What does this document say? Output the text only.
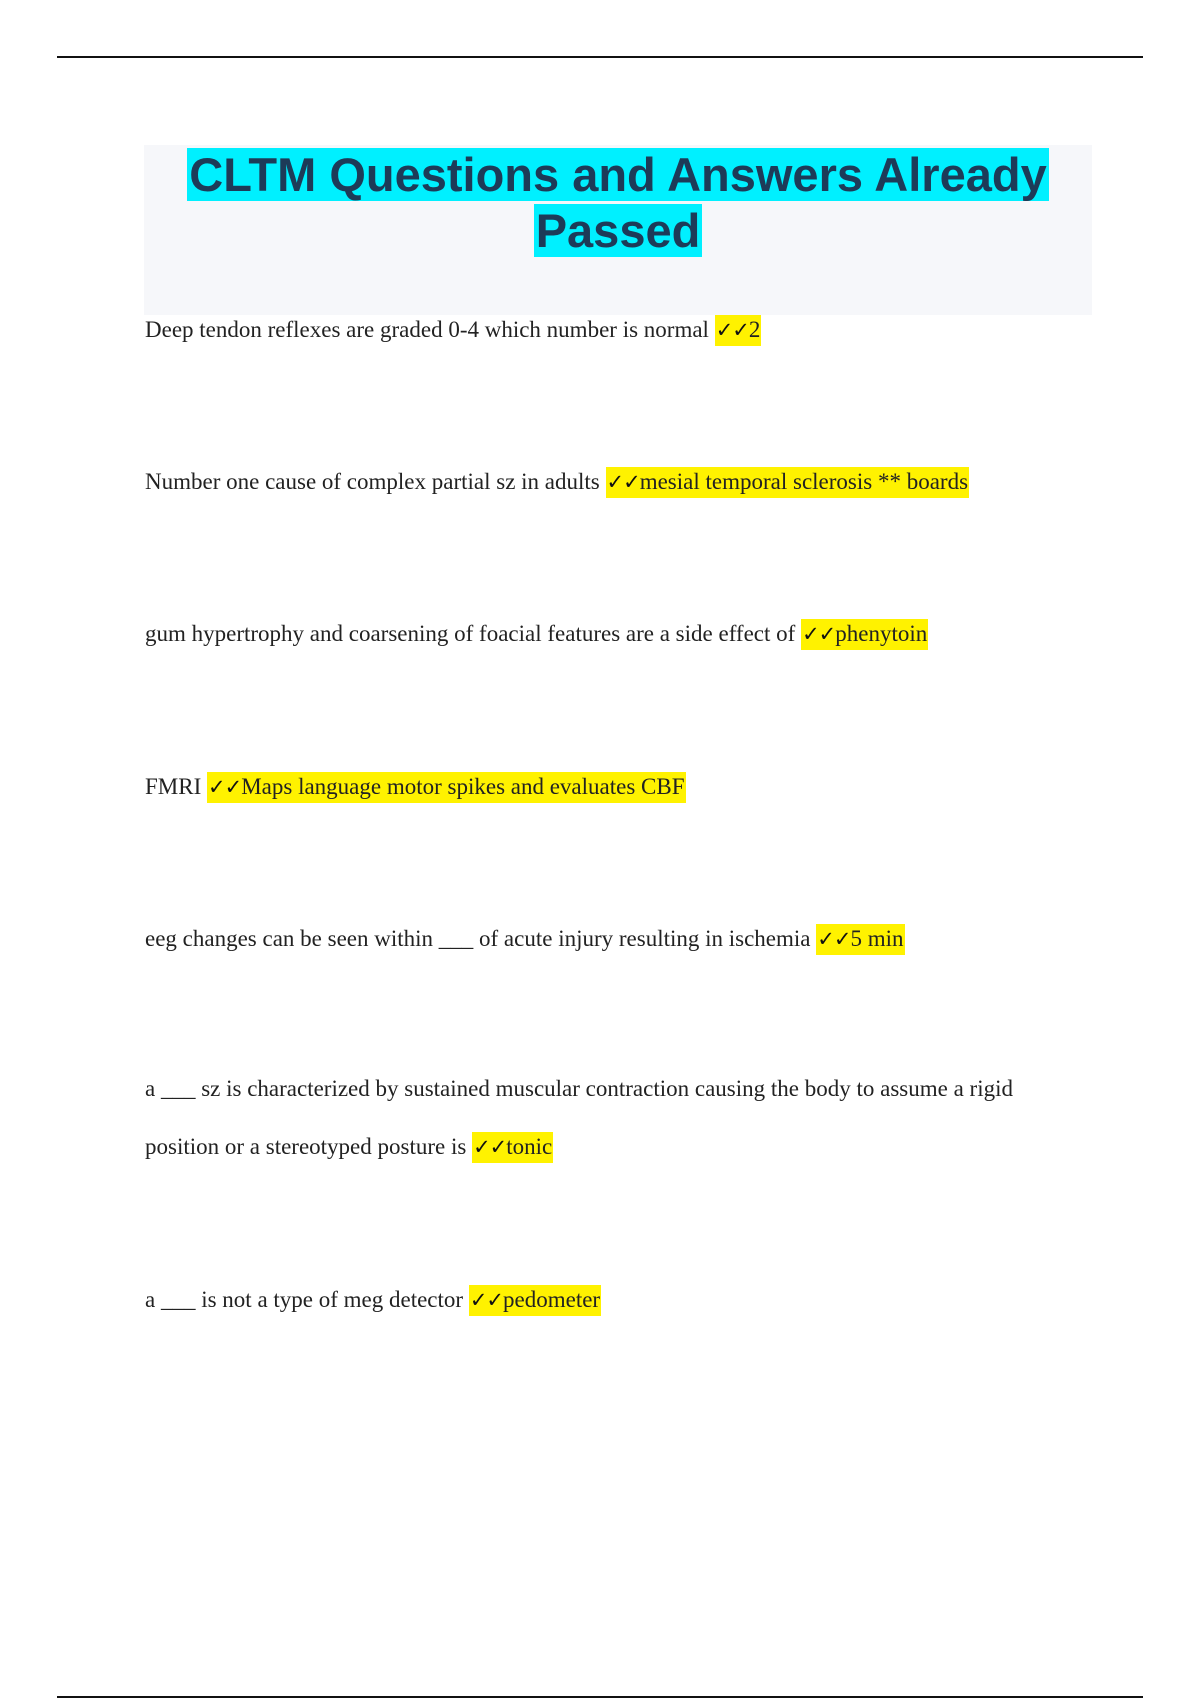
CLTM Questions and Answers Already Passed
Deep tendon reflexes are graded 0-4 which number is normal ✓✓2
Number one cause of complex partial sz in adults ✓✓mesial temporal sclerosis ** boards
gum hypertrophy and coarsening of foacial features are a side effect of ✓✓phenytoin
FMRI ✓✓Maps language motor spikes and evaluates CBF
eeg changes can be seen within ___ of acute injury resulting in ischemia ✓✓5 min
a ___ sz is characterized by sustained muscular contraction causing the body to assume a rigid position or a stereotyped posture is ✓✓tonic
a ___ is not a type of meg detector ✓✓pedometer
